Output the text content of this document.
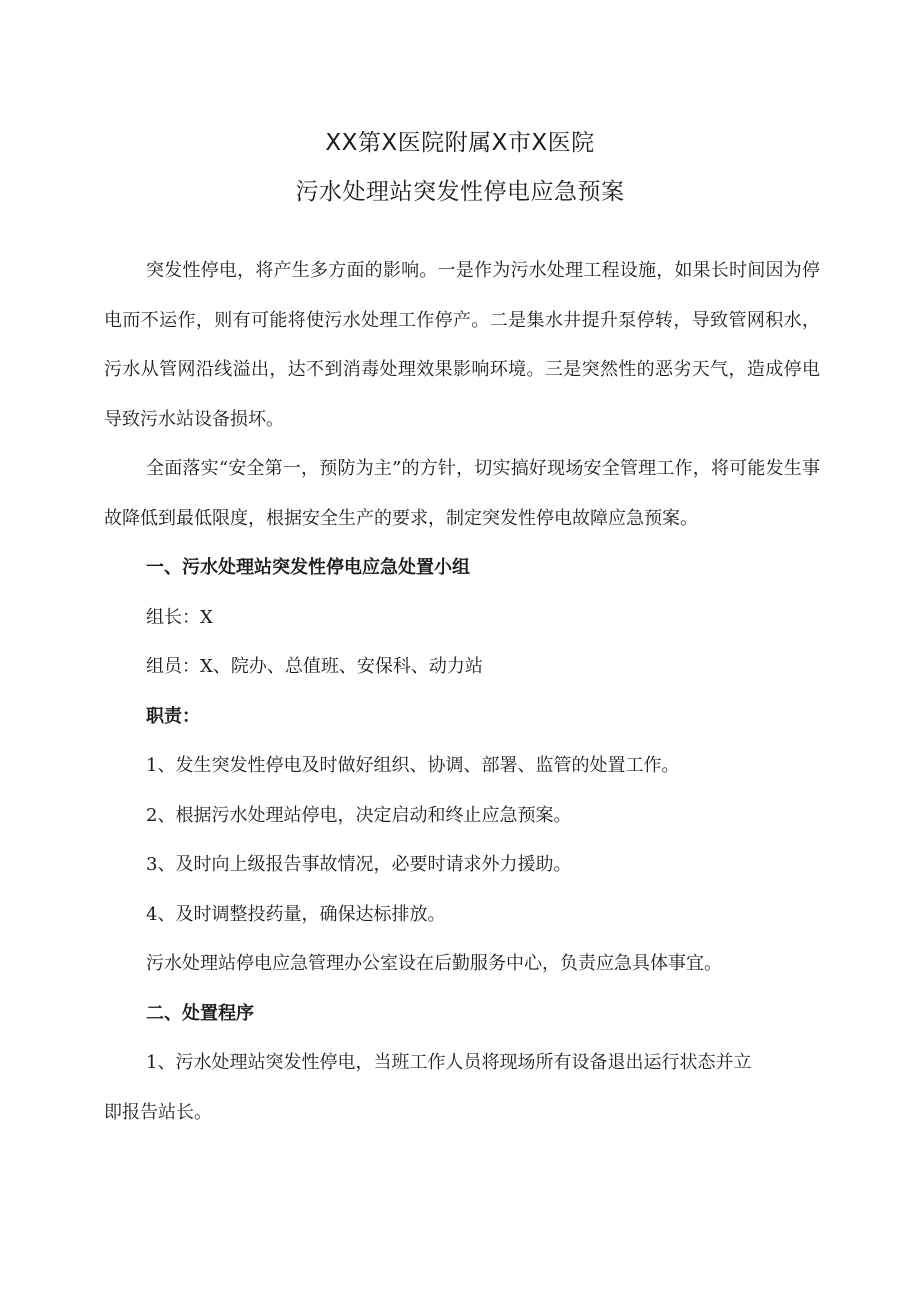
XX第X医院附属X市X医院
污水处理站突发性停电应急预案

突发性停电，将产生多方面的影响。一是作为污水处理工程设施，如果长时间因为停电而不运作，则有可能将使污水处理工作停产。二是集水井提升泵停转，导致管网积水，污水从管网沿线溢出，达不到消毒处理效果影响环境。三是突然性的恶劣天气，造成停电导致污水站设备损坏。

全面落实“安全第一，预防为主”的方针，切实搞好现场安全管理工作，将可能发生事故降低到最低限度，根据安全生产的要求，制定突发性停电故障应急预案。

一、污水处理站突发性停电应急处置小组

组长：X

组员：X、院办、总值班、安保科、动力站

职责：

1、发生突发性停电及时做好组织、协调、部署、监管的处置工作。

2、根据污水处理站停电，决定启动和终止应急预案。

3、及时向上级报告事故情况，必要时请求外力援助。

4、及时调整投药量，确保达标排放。

污水处理站停电应急管理办公室设在后勤服务中心，负责应急具体事宜。

二、处置程序

1、污水处理站突发性停电，当班工作人员将现场所有设备退出运行状态并立即报告站长。
